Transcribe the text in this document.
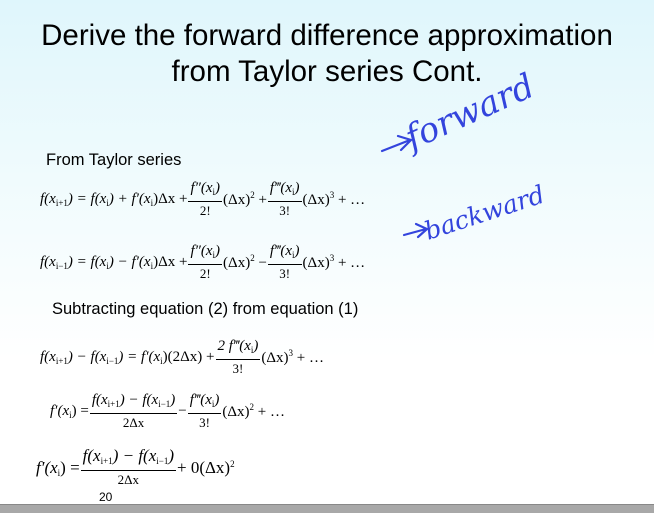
Derive the forward difference approximation
from Taylor series Cont.
forward
backward
From Taylor series
$f(x_{i+1}) = f(x_i) + f'(x_i)\Delta x + \frac{f''(x_i)}{2!} (\Delta x)^2 + \frac{f‴(x_i)}{3!} (\Delta x)^3$ + …
$f(x_{i-1}) = f(x_i) - f'(x_i)\Delta x + \frac{f''(x_i)}{2!} (\Delta x)^2 - \frac{f‴(x_i)}{3!} (\Delta x)^3$ + …
Subtracting equation (2) from equation (1)
$f(x_{i+1}) - f(x_{i-1}) = f'(x_i)(2\Delta x) + \frac{2 f‴(x_i)}{3!} (\Delta x)^3$ + …
$f'(x_i) = \frac{f(x_{i+1}) - f(x_{i-1})}{2\Delta x} - \frac{f‴(x_i)}{3!} (\Delta x)^2$ + …
$f'(x_i) = \frac{f(x_{i+1}) - f(x_{i-1})}{2\Delta x} + 0(\Delta x)^2$
20
